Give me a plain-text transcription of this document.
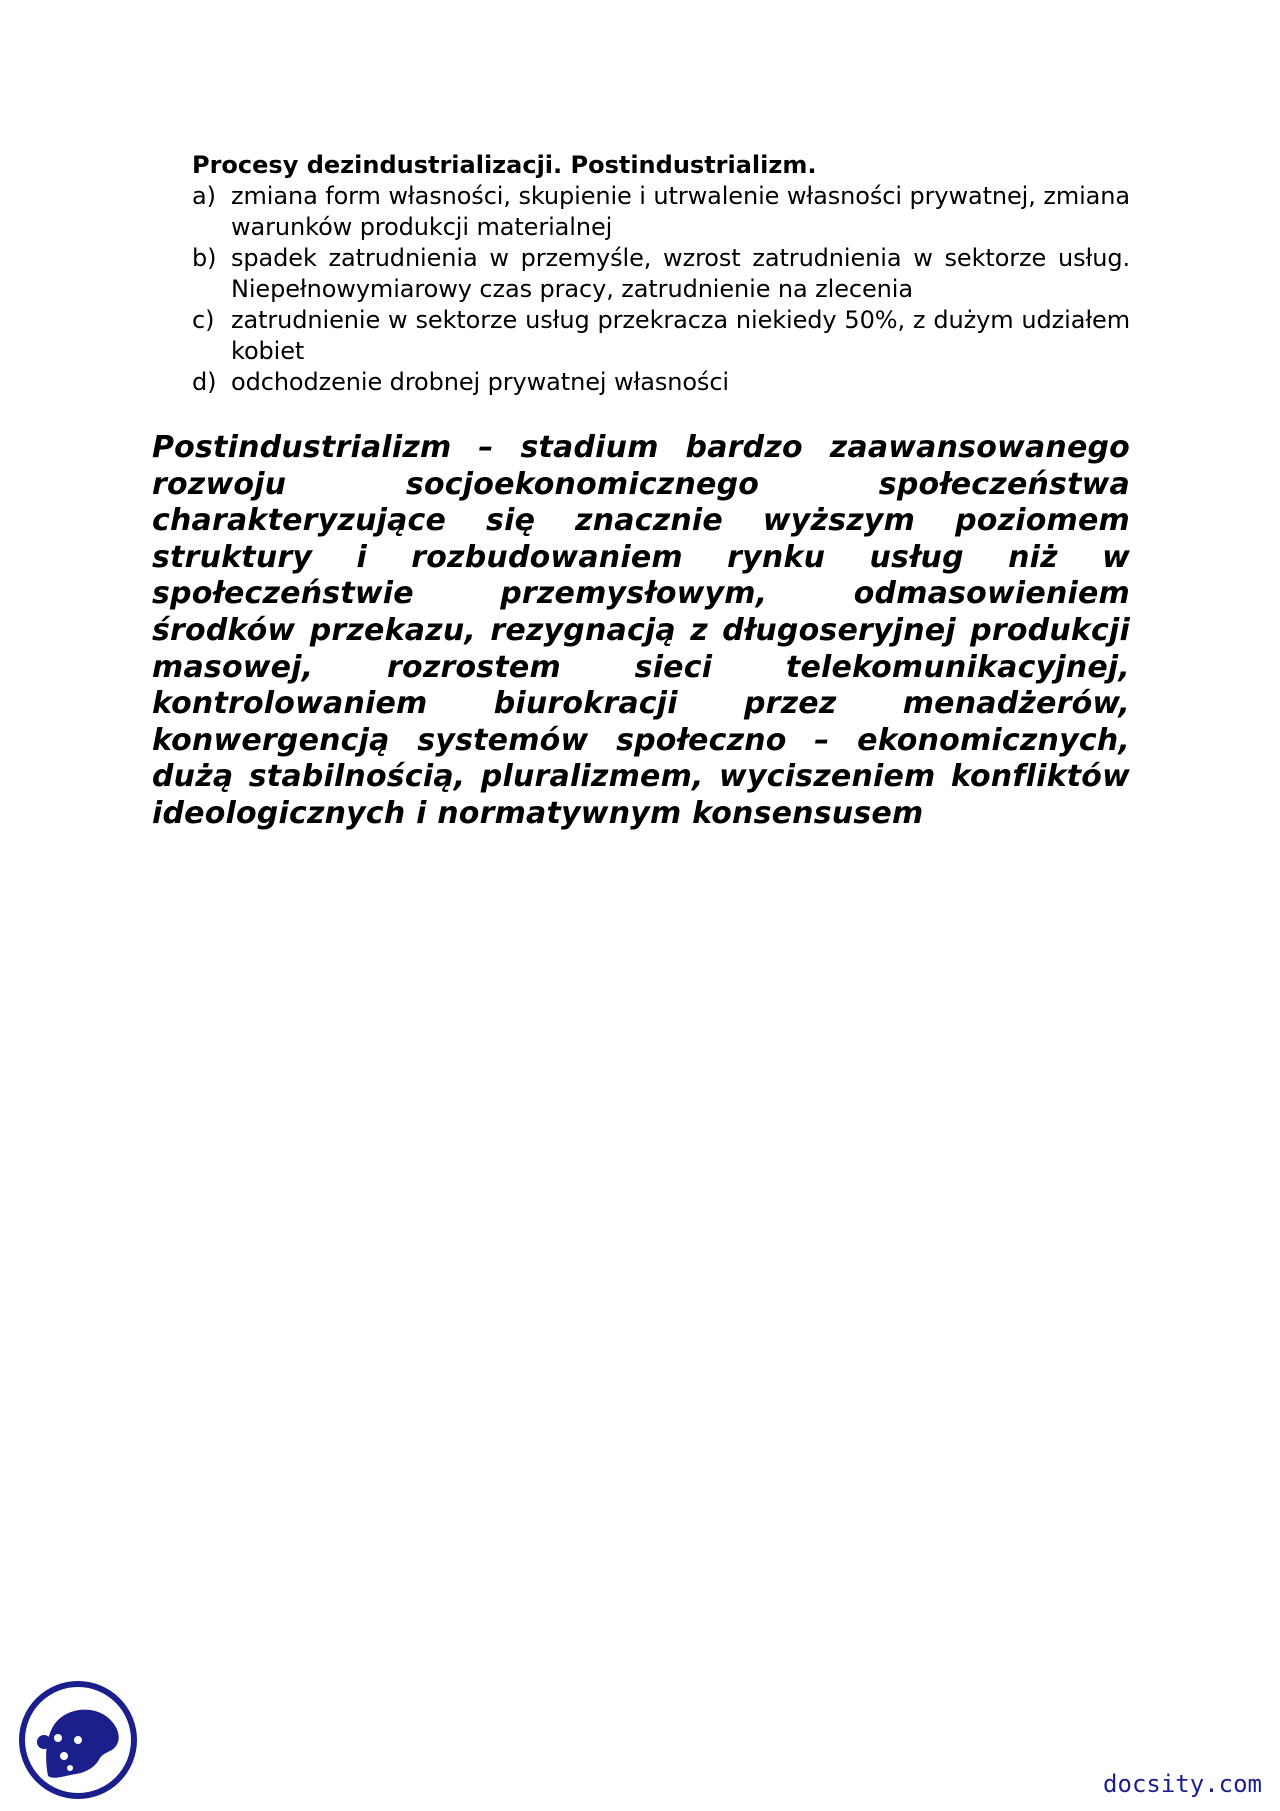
Procesy dezindustrializacji. Postindustrializm.

a) zmiana form własności, skupienie i utrwalenie własności prywatnej, zmiana warunków produkcji materialnej
b) spadek zatrudnienia w przemyśle, wzrost zatrudnienia w sektorze usług. Niepełnowymiarowy czas pracy, zatrudnienie na zlecenia
c) zatrudnienie w sektorze usług przekracza niekiedy 50%, z dużym udziałem kobiet
d) odchodzenie drobnej prywatnej własności

Postindustrializm – stadium bardzo zaawansowanego rozwoju socjoekonomicznego społeczeństwa charakteryzujące się znacznie wyższym poziomem struktury i rozbudowaniem rynku usług niż w społeczeństwie przemysłowym, odmasowieniem środków przekazu, rezygnacją z długoseryjnej produkcji masowej, rozrostem sieci telekomunikacyjnej, kontrolowaniem biurokracji przez menadżerów, konwergencją systemów społeczno – ekonomicznych, dużą stabilnością, pluralizmem, wyciszeniem konfliktów ideologicznych i normatywnym konsensusem

docsity.com
